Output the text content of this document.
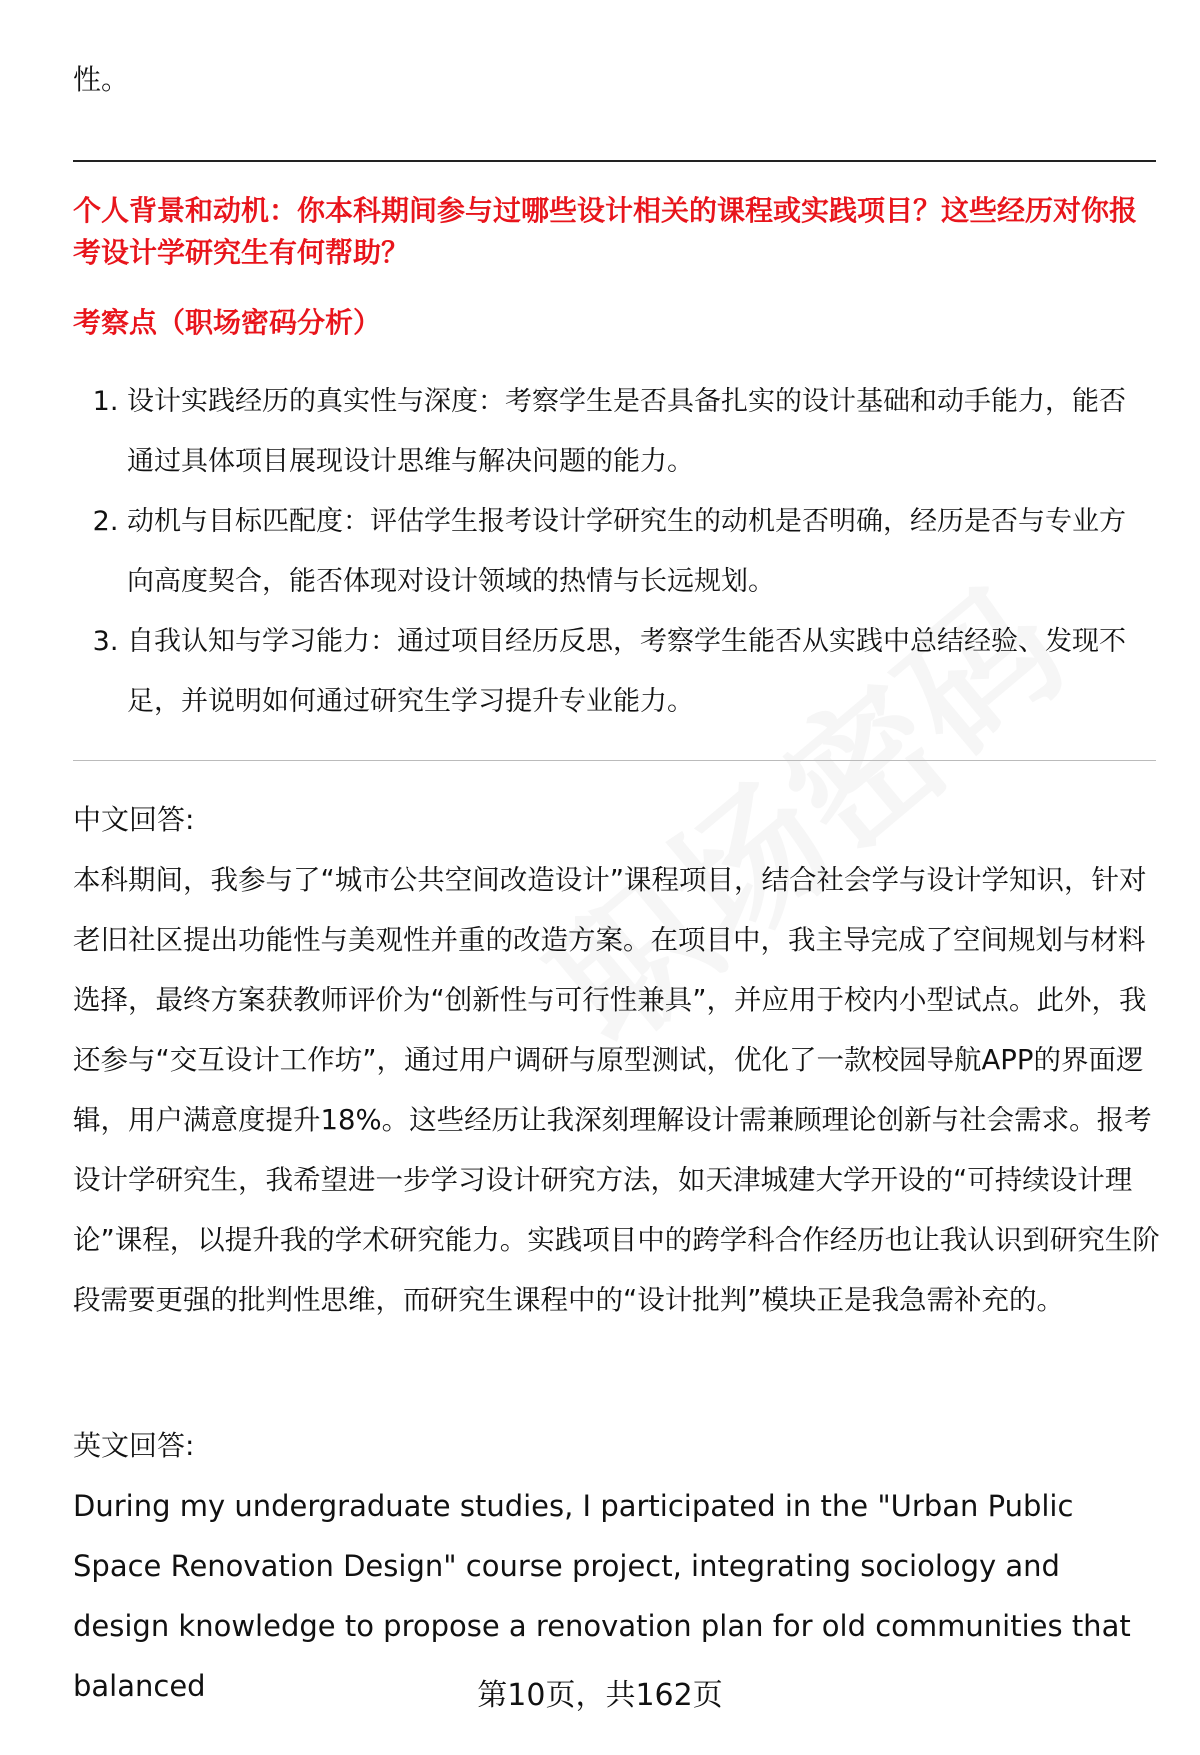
性。
个人背景和动机：你本科期间参与过哪些设计相关的课程或实践项目？这些经历对你报考设计学研究生有何帮助？
考察点（职场密码分析）
1. 设计实践经历的真实性与深度：考察学生是否具备扎实的设计基础和动手能力，能否通过具体项目展现设计思维与解决问题的能力。
2. 动机与目标匹配度：评估学生报考设计学研究生的动机是否明确，经历是否与专业方向高度契合，能否体现对设计领域的热情与长远规划。
3. 自我认知与学习能力：通过项目经历反思，考察学生能否从实践中总结经验、发现不足，并说明如何通过研究生学习提升专业能力。
中文回答:
本科期间，我参与了“城市公共空间改造设计”课程项目，结合社会学与设计学知识，针对老旧社区提出功能性与美观性并重的改造方案。在项目中，我主导完成了空间规划与材料选择，最终方案获教师评价为“创新性与可行性兼具”，并应用于校内小型试点。此外，我还参与“交互设计工作坊”，通过用户调研与原型测试，优化了一款校园导航APP的界面逻辑，用户满意度提升18%。这些经历让我深刻理解设计需兼顾理论创新与社会需求。报考设计学研究生，我希望进一步学习设计研究方法，如天津城建大学开设的“可持续设计理论”课程，以提升我的学术研究能力。实践项目中的跨学科合作经历也让我认识到研究生阶段需要更强的批判性思维，而研究生课程中的“设计批判”模块正是我急需补充的。
英文回答:
During my undergraduate studies, I participated in the "Urban Public Space Renovation Design" course project, integrating sociology and design knowledge to propose a renovation plan for old communities that balanced	第10页，共162页
